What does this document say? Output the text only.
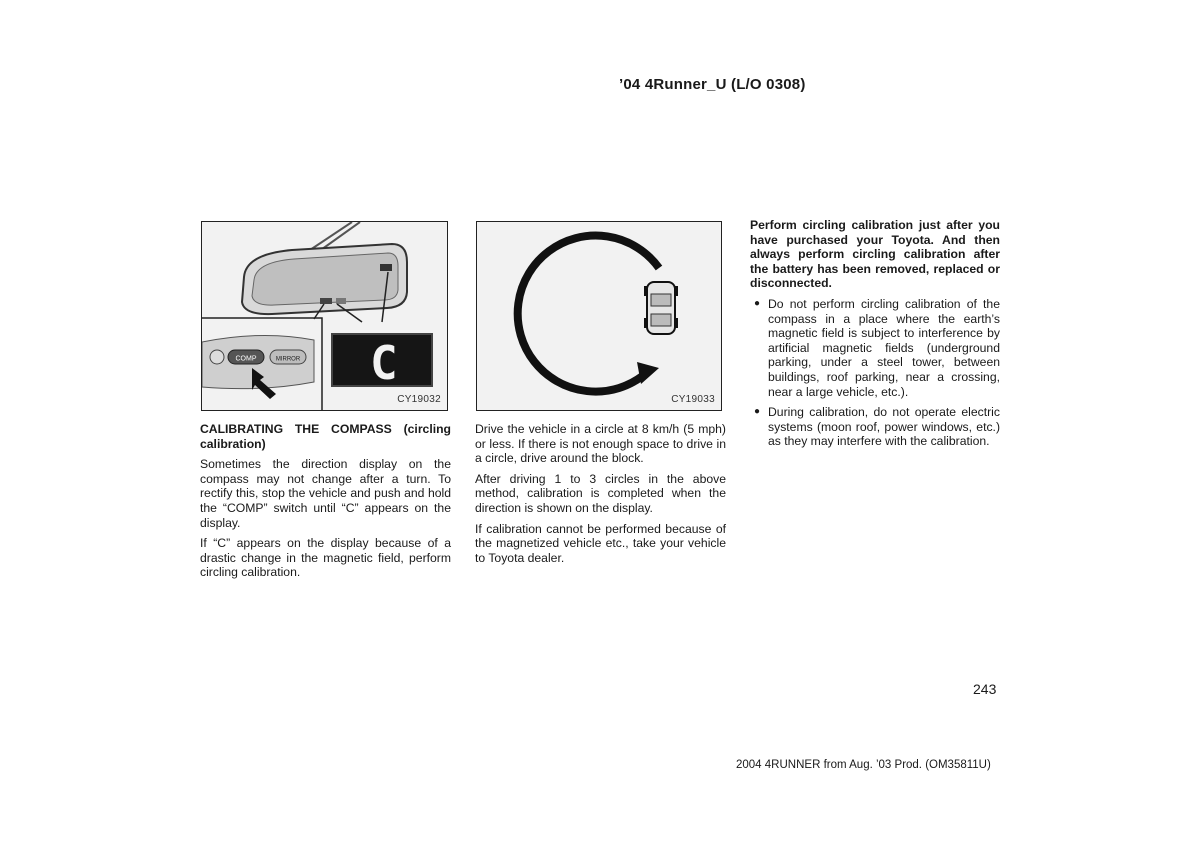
’04 4Runner_U (L/O 0308)
COMP	MIRROR C
CY19032	CY19033

CALIBRATING THE COMPASS (circling calibration)

Sometimes the direction display on the compass may not change after a turn. To rectify this, stop the vehicle and push and hold the “COMP” switch until “C” appears on the display.

If “C” appears on the display because of a drastic change in the magnetic field, perform circling calibration.

Drive the vehicle in a circle at 8 km/h (5 mph) or less. If there is not enough space to drive in a circle, drive around the block.

After driving 1 to 3 circles in the above method, calibration is completed when the direction is shown on the display.

If calibration cannot be performed because of the magnetized vehicle etc., take your vehicle to Toyota dealer.

Perform circling calibration just after you have purchased your Toyota. And then always perform circling calibration after the battery has been removed, replaced or disconnected.

● Do not perform circling calibration of the compass in a place where the earth’s magnetic field is subject to interference by artificial magnetic fields (underground parking, under a steel tower, between buildings, roof parking, near a crossing, near a large vehicle, etc.).
● During calibration, do not operate electric systems (moon roof, power windows, etc.) as they may interfere with the calibration.
243
2004 4RUNNER from Aug. ’03 Prod. (OM35811U)
